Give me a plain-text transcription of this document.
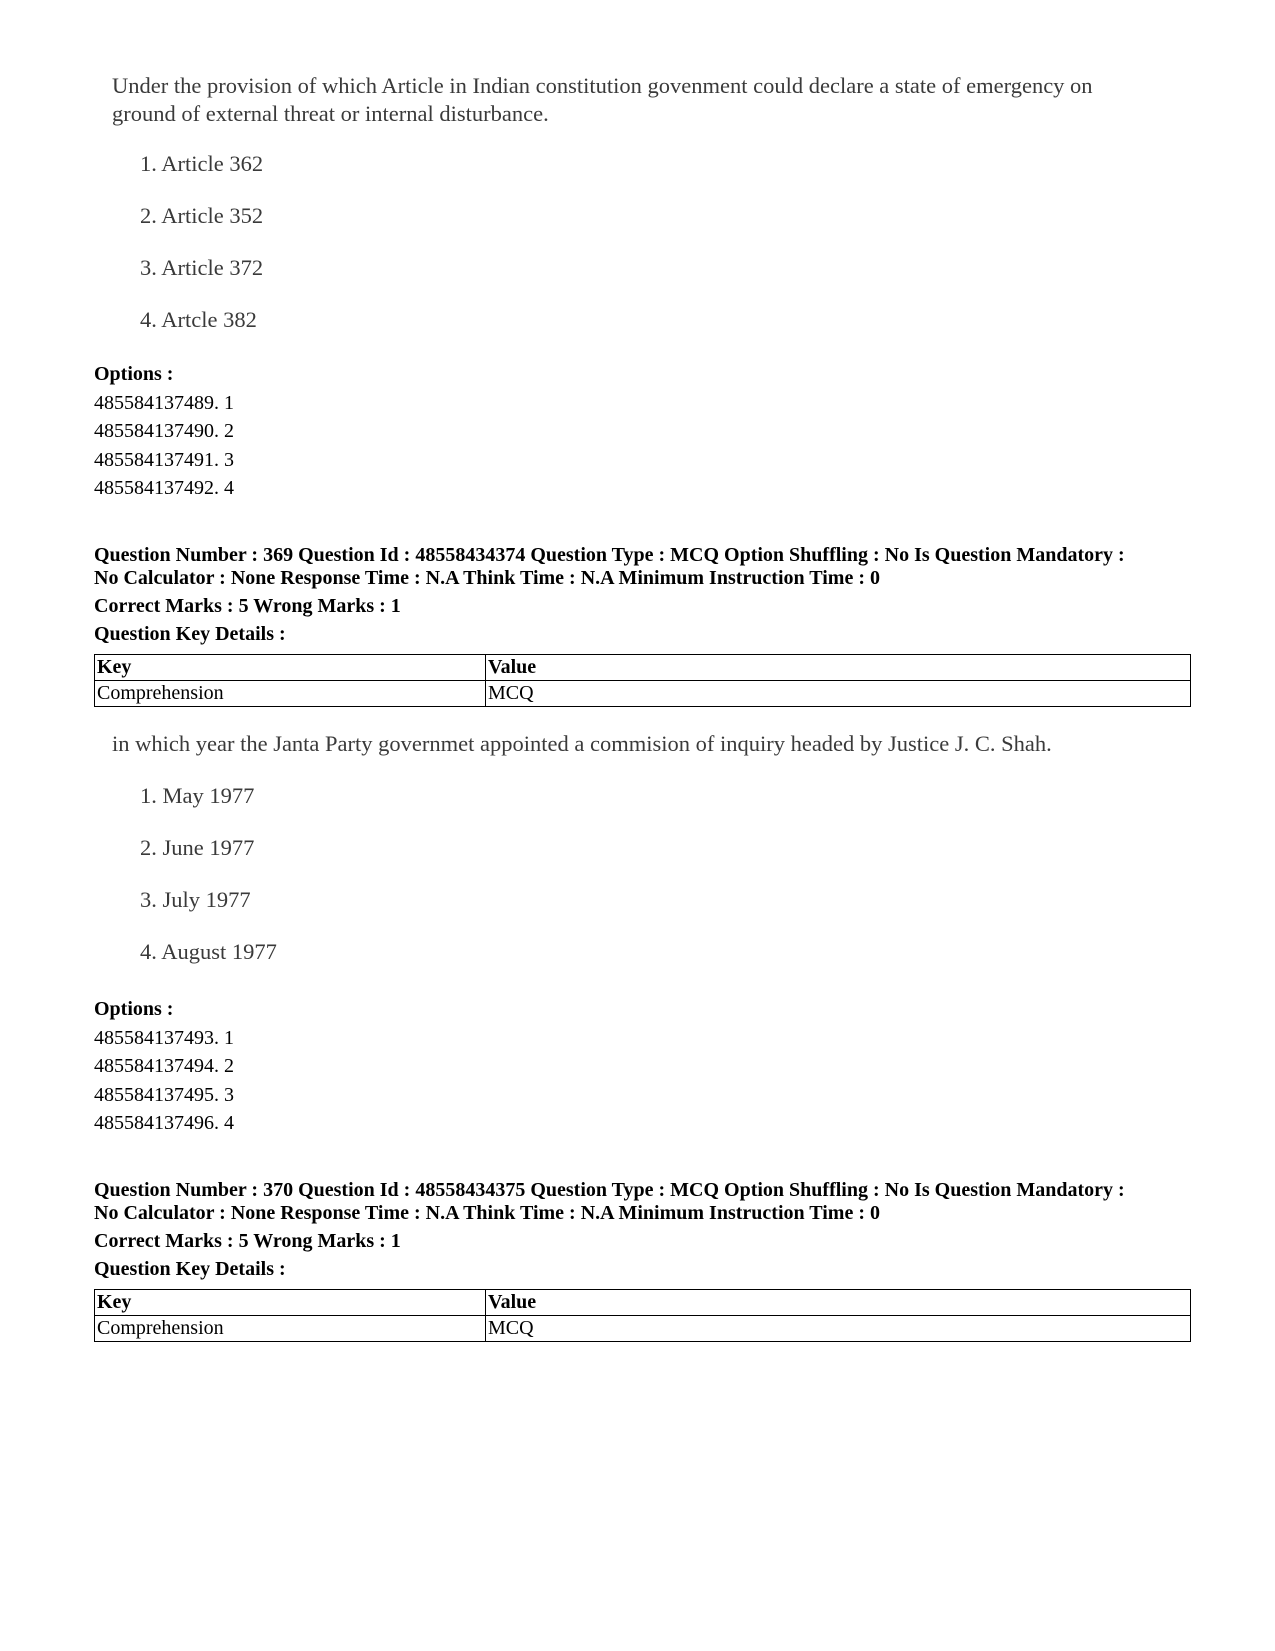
Under the provision of which Article in Indian constitution govenment could declare a state of emergency on ground of external threat or internal disturbance.

1. Article 362
2. Article 352
3. Article 372
4. Artcle 382
Options :
485584137489. 1
485584137490. 2
485584137491. 3
485584137492. 4
Question Number : 369 Question Id : 48558434374 Question Type : MCQ Option Shuffling : No Is Question Mandatory :
No Calculator : None Response Time : N.A Think Time : N.A Minimum Instruction Time : 0
Correct Marks : 5 Wrong Marks : 1
Question Key Details :
Key	Value
Comprehension	MCQ

in which year the Janta Party governmet appointed a commision of inquiry headed by Justice J. C. Shah.

1. May 1977
2. June 1977
3. July 1977
4. August 1977
Options :
485584137493. 1
485584137494. 2
485584137495. 3
485584137496. 4
Question Number : 370 Question Id : 48558434375 Question Type : MCQ Option Shuffling : No Is Question Mandatory :
No Calculator : None Response Time : N.A Think Time : N.A Minimum Instruction Time : 0
Correct Marks : 5 Wrong Marks : 1
Question Key Details :
Key	Value
Comprehension	MCQ
